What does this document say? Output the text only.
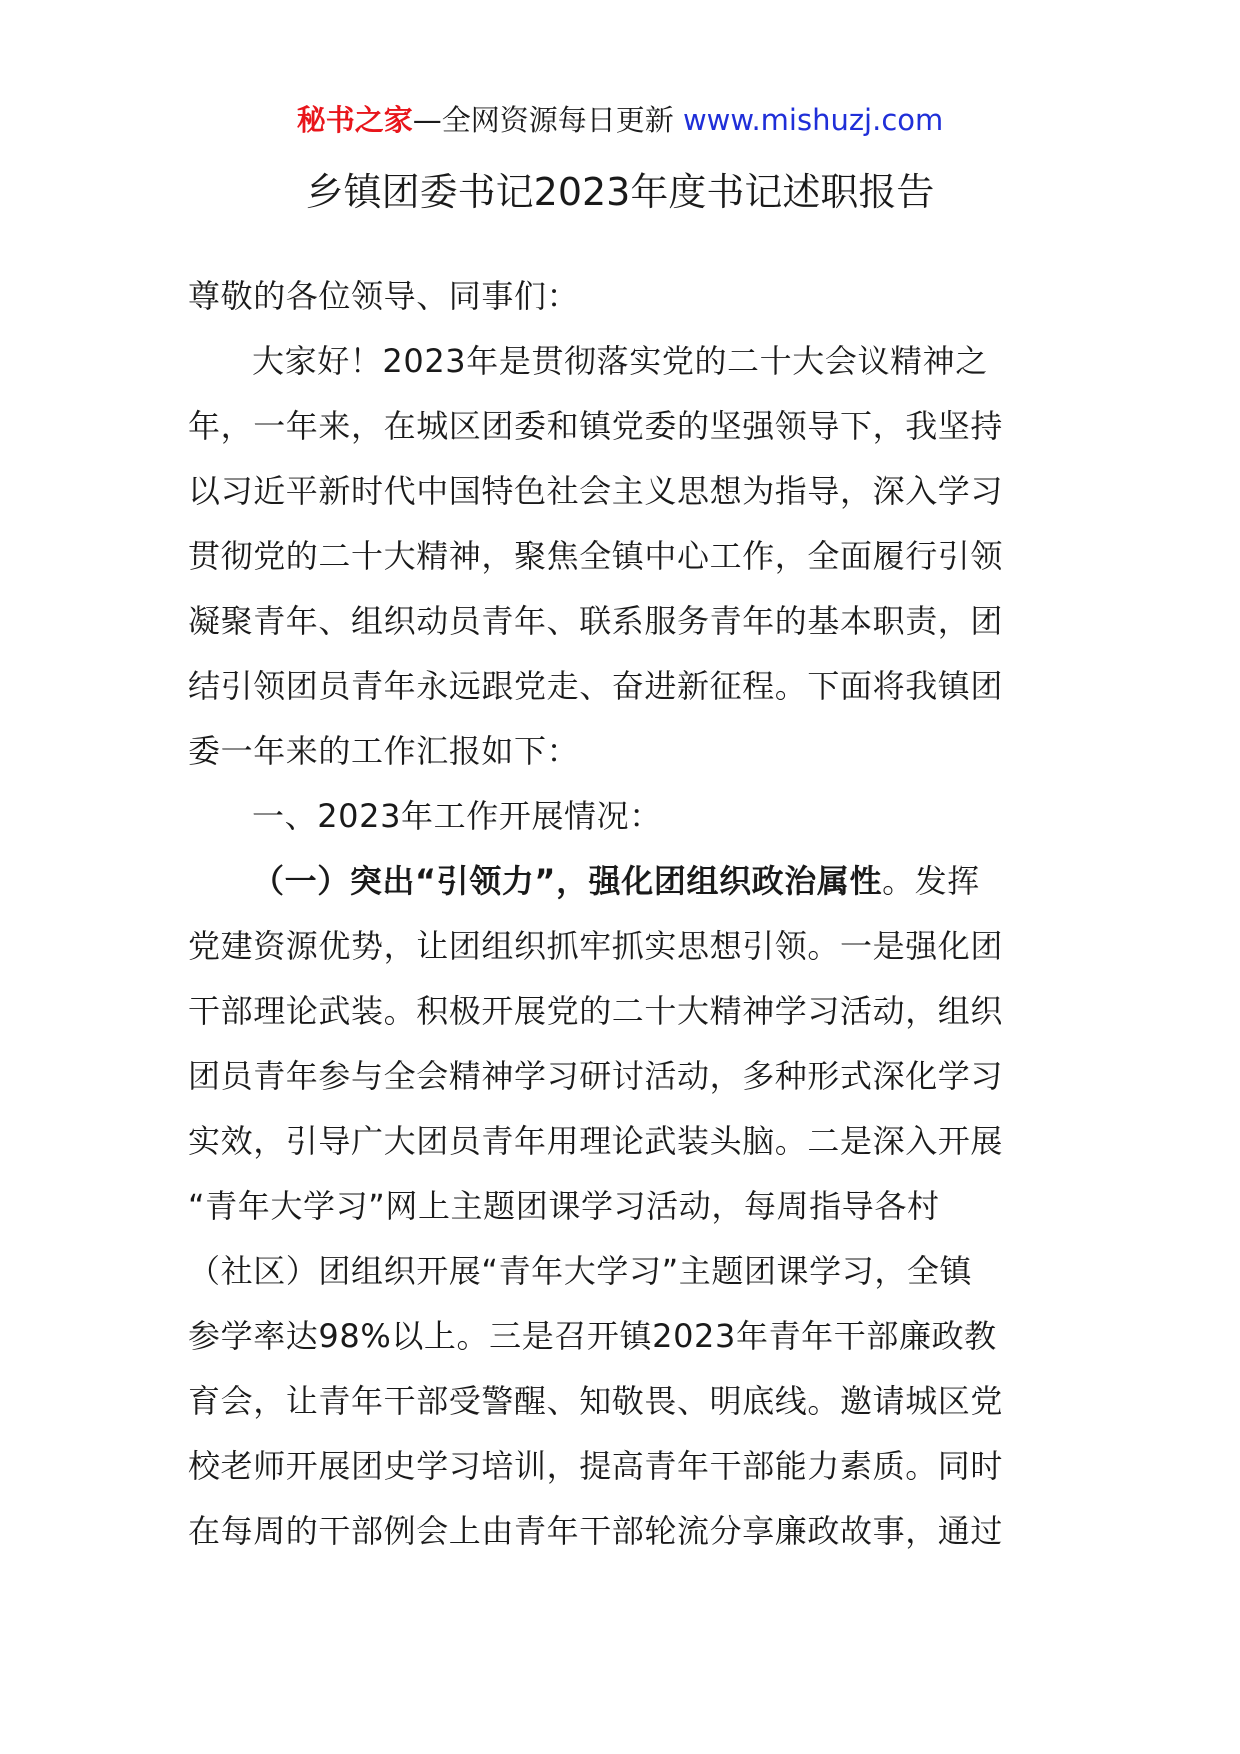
秘书之家—全网资源每日更新 www.mishuzj.com
乡镇团委书记2023年度书记述职报告
尊敬的各位领导、同事们：
大家好！2023年是贯彻落实党的二十大会议精神之
年，一年来，在城区团委和镇党委的坚强领导下，我坚持
以习近平新时代中国特色社会主义思想为指导，深入学习
贯彻党的二十大精神，聚焦全镇中心工作，全面履行引领
凝聚青年、组织动员青年、联系服务青年的基本职责，团
结引领团员青年永远跟党走、奋进新征程。下面将我镇团
委一年来的工作汇报如下：
一、2023年工作开展情况：
（一）突出“引领力”，强化团组织政治属性。发挥
党建资源优势，让团组织抓牢抓实思想引领。一是强化团
干部理论武装。积极开展党的二十大精神学习活动，组织
团员青年参与全会精神学习研讨活动，多种形式深化学习
实效，引导广大团员青年用理论武装头脑。二是深入开展
“青年大学习”网上主题团课学习活动，每周指导各村
（社区）团组织开展“青年大学习”主题团课学习，全镇
参学率达98%以上。三是召开镇2023年青年干部廉政教
育会，让青年干部受警醒、知敬畏、明底线。邀请城区党
校老师开展团史学习培训，提高青年干部能力素质。同时
在每周的干部例会上由青年干部轮流分享廉政故事，通过
